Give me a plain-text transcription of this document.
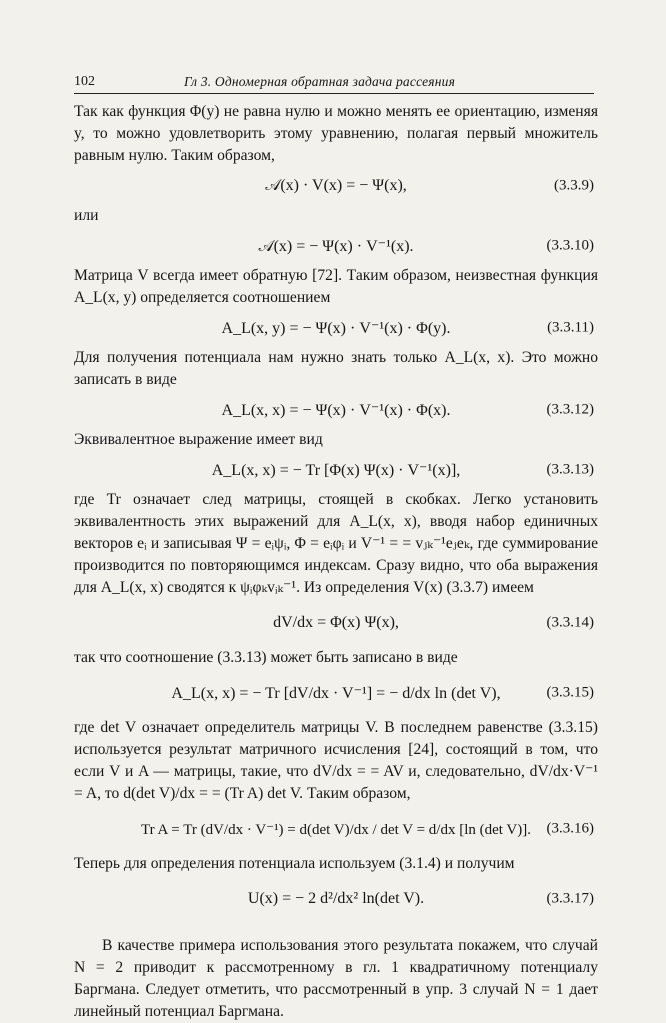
102	Гл 3. Одномерная обратная задача рассеяния

Так как функция Φ(y) не равна нулю и можно менять ее ориентацию, изменяя y, то можно удовлетворить этому уравнению, полагая первый множитель равным нулю. Таким образом,

𝒜(x) · V(x) = − Ψ(x),	(3.3.9)

или

𝒜(x) = − Ψ(x) · V⁻¹(x).	(3.3.10)

Матрица V всегда имеет обратную [72]. Таким образом, неизвестная функция A_L(x, y) определяется соотношением

A_L(x, y) = − Ψ(x) · V⁻¹(x) · Φ(y).	(3.3.11)

Для получения потенциала нам нужно знать только A_L(x, x). Это можно записать в виде

A_L(x, x) = − Ψ(x) · V⁻¹(x) · Φ(x).	(3.3.12)

Эквивалентное выражение имеет вид

A_L(x, x) = − Tr [Φ(x) Ψ(x) · V⁻¹(x)],	(3.3.13)

где Tr означает след матрицы, стоящей в скобках. Легко установить эквивалентность этих выражений для A_L(x, x), вводя набор единичных векторов eᵢ и записывая Ψ = eᵢψᵢ, Φ = eᵢφᵢ и V⁻¹ = = vⱼₖ⁻¹eⱼeₖ, где суммирование производится по повторяющимся индексам. Сразу видно, что оба выражения для A_L(x, x) сводятся к ψᵢφₖvᵢₖ⁻¹. Из определения V(x) (3.3.7) имеем

dV/dx = Φ(x) Ψ(x),	(3.3.14)

так что соотношение (3.3.13) может быть записано в виде

A_L(x, x) = − Tr [dV/dx · V⁻¹] = − d/dx ln (det V),	(3.3.15)

где det V означает определитель матрицы V. В последнем равенстве (3.3.15) используется результат матричного исчисления [24], состоящий в том, что если V и A — матрицы, такие, что dV/dx = = AV и, следовательно, dV/dx·V⁻¹ = A, то d(det V)/dx = = (Tr A) det V. Таким образом,

Tr A = Tr (dV/dx · V⁻¹) = d(det V)/dx / det V = d/dx [ln (det V)]. (3.3.16)

Теперь для определения потенциала используем (3.1.4) и получим

U(x) = − 2 d²/dx² ln(det V).	(3.3.17)

В качестве примера использования этого результата покажем, что случай N = 2 приводит к рассмотренному в гл. 1 квадратичному потенциалу Баргмана. Следует отметить, что рассмотренный в упр. 3 случай N = 1 дает линейный потенциал Баргмана.
